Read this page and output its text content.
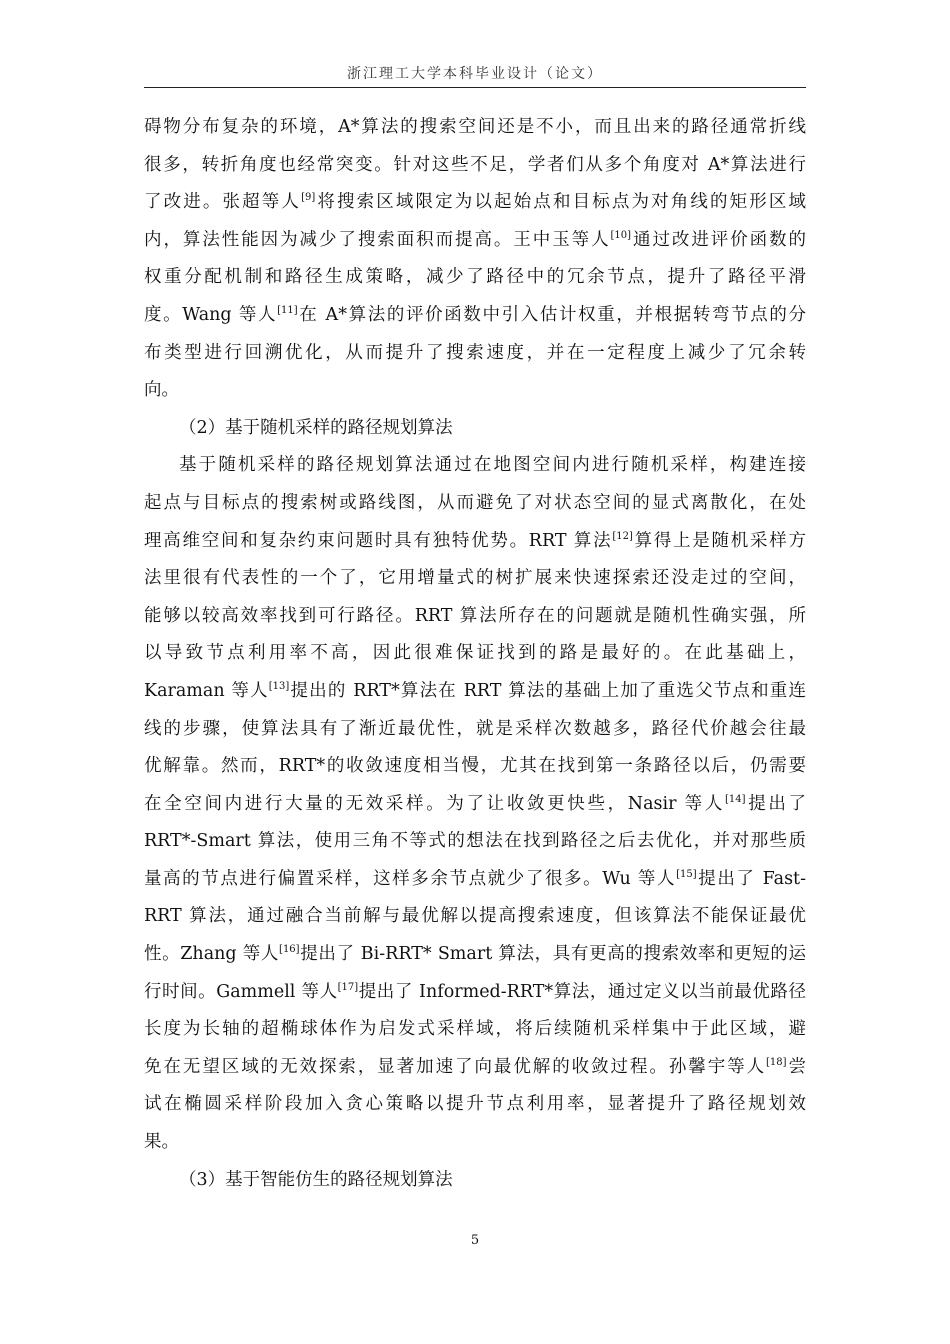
浙江理工大学本科毕业设计（论文）
碍物分布复杂的环境，A*算法的搜索空间还是不小，而且出来的路径通常折线
很多，转折角度也经常突变。针对这些不足，学者们从多个角度对 A*算法进行
了改进。张超等人[9]将搜索区域限定为以起始点和目标点为对角线的矩形区域
内，算法性能因为减少了搜索面积而提高。王中玉等人[10]通过改进评价函数的
权重分配机制和路径生成策略，减少了路径中的冗余节点，提升了路径平滑
度。Wang 等人[11]在 A*算法的评价函数中引入估计权重，并根据转弯节点的分
布类型进行回溯优化，从而提升了搜索速度，并在一定程度上减少了冗余转
向。
（2）基于随机采样的路径规划算法
基于随机采样的路径规划算法通过在地图空间内进行随机采样，构建连接
起点与目标点的搜索树或路线图，从而避免了对状态空间的显式离散化，在处
理高维空间和复杂约束问题时具有独特优势。RRT 算法[12]算得上是随机采样方
法里很有代表性的一个了，它用增量式的树扩展来快速探索还没走过的空间，
能够以较高效率找到可行路径。RRT 算法所存在的问题就是随机性确实强，所
以导致节点利用率不高，因此很难保证找到的路是最好的。在此基础上，
Karaman 等人[13]提出的 RRT*算法在 RRT 算法的基础上加了重选父节点和重连
线的步骤，使算法具有了渐近最优性，就是采样次数越多，路径代价越会往最
优解靠。然而，RRT*的收敛速度相当慢，尤其在找到第一条路径以后，仍需要
在全空间内进行大量的无效采样。为了让收敛更快些，Nasir 等人[14]提出了
RRT*-Smart 算法，使用三角不等式的想法在找到路径之后去优化，并对那些质
量高的节点进行偏置采样，这样多余节点就少了很多。Wu 等人[15]提出了 Fast-
RRT 算法，通过融合当前解与最优解以提高搜索速度，但该算法不能保证最优
性。Zhang 等人[16]提出了 Bi-RRT* Smart 算法，具有更高的搜索效率和更短的运
行时间。Gammell 等人[17]提出了 Informed-RRT*算法，通过定义以当前最优路径
长度为长轴的超椭球体作为启发式采样域，将后续随机采样集中于此区域，避
免在无望区域的无效探索，显著加速了向最优解的收敛过程。孙馨宇等人[18]尝
试在椭圆采样阶段加入贪心策略以提升节点利用率，显著提升了路径规划效
果。
（3）基于智能仿生的路径规划算法
5
